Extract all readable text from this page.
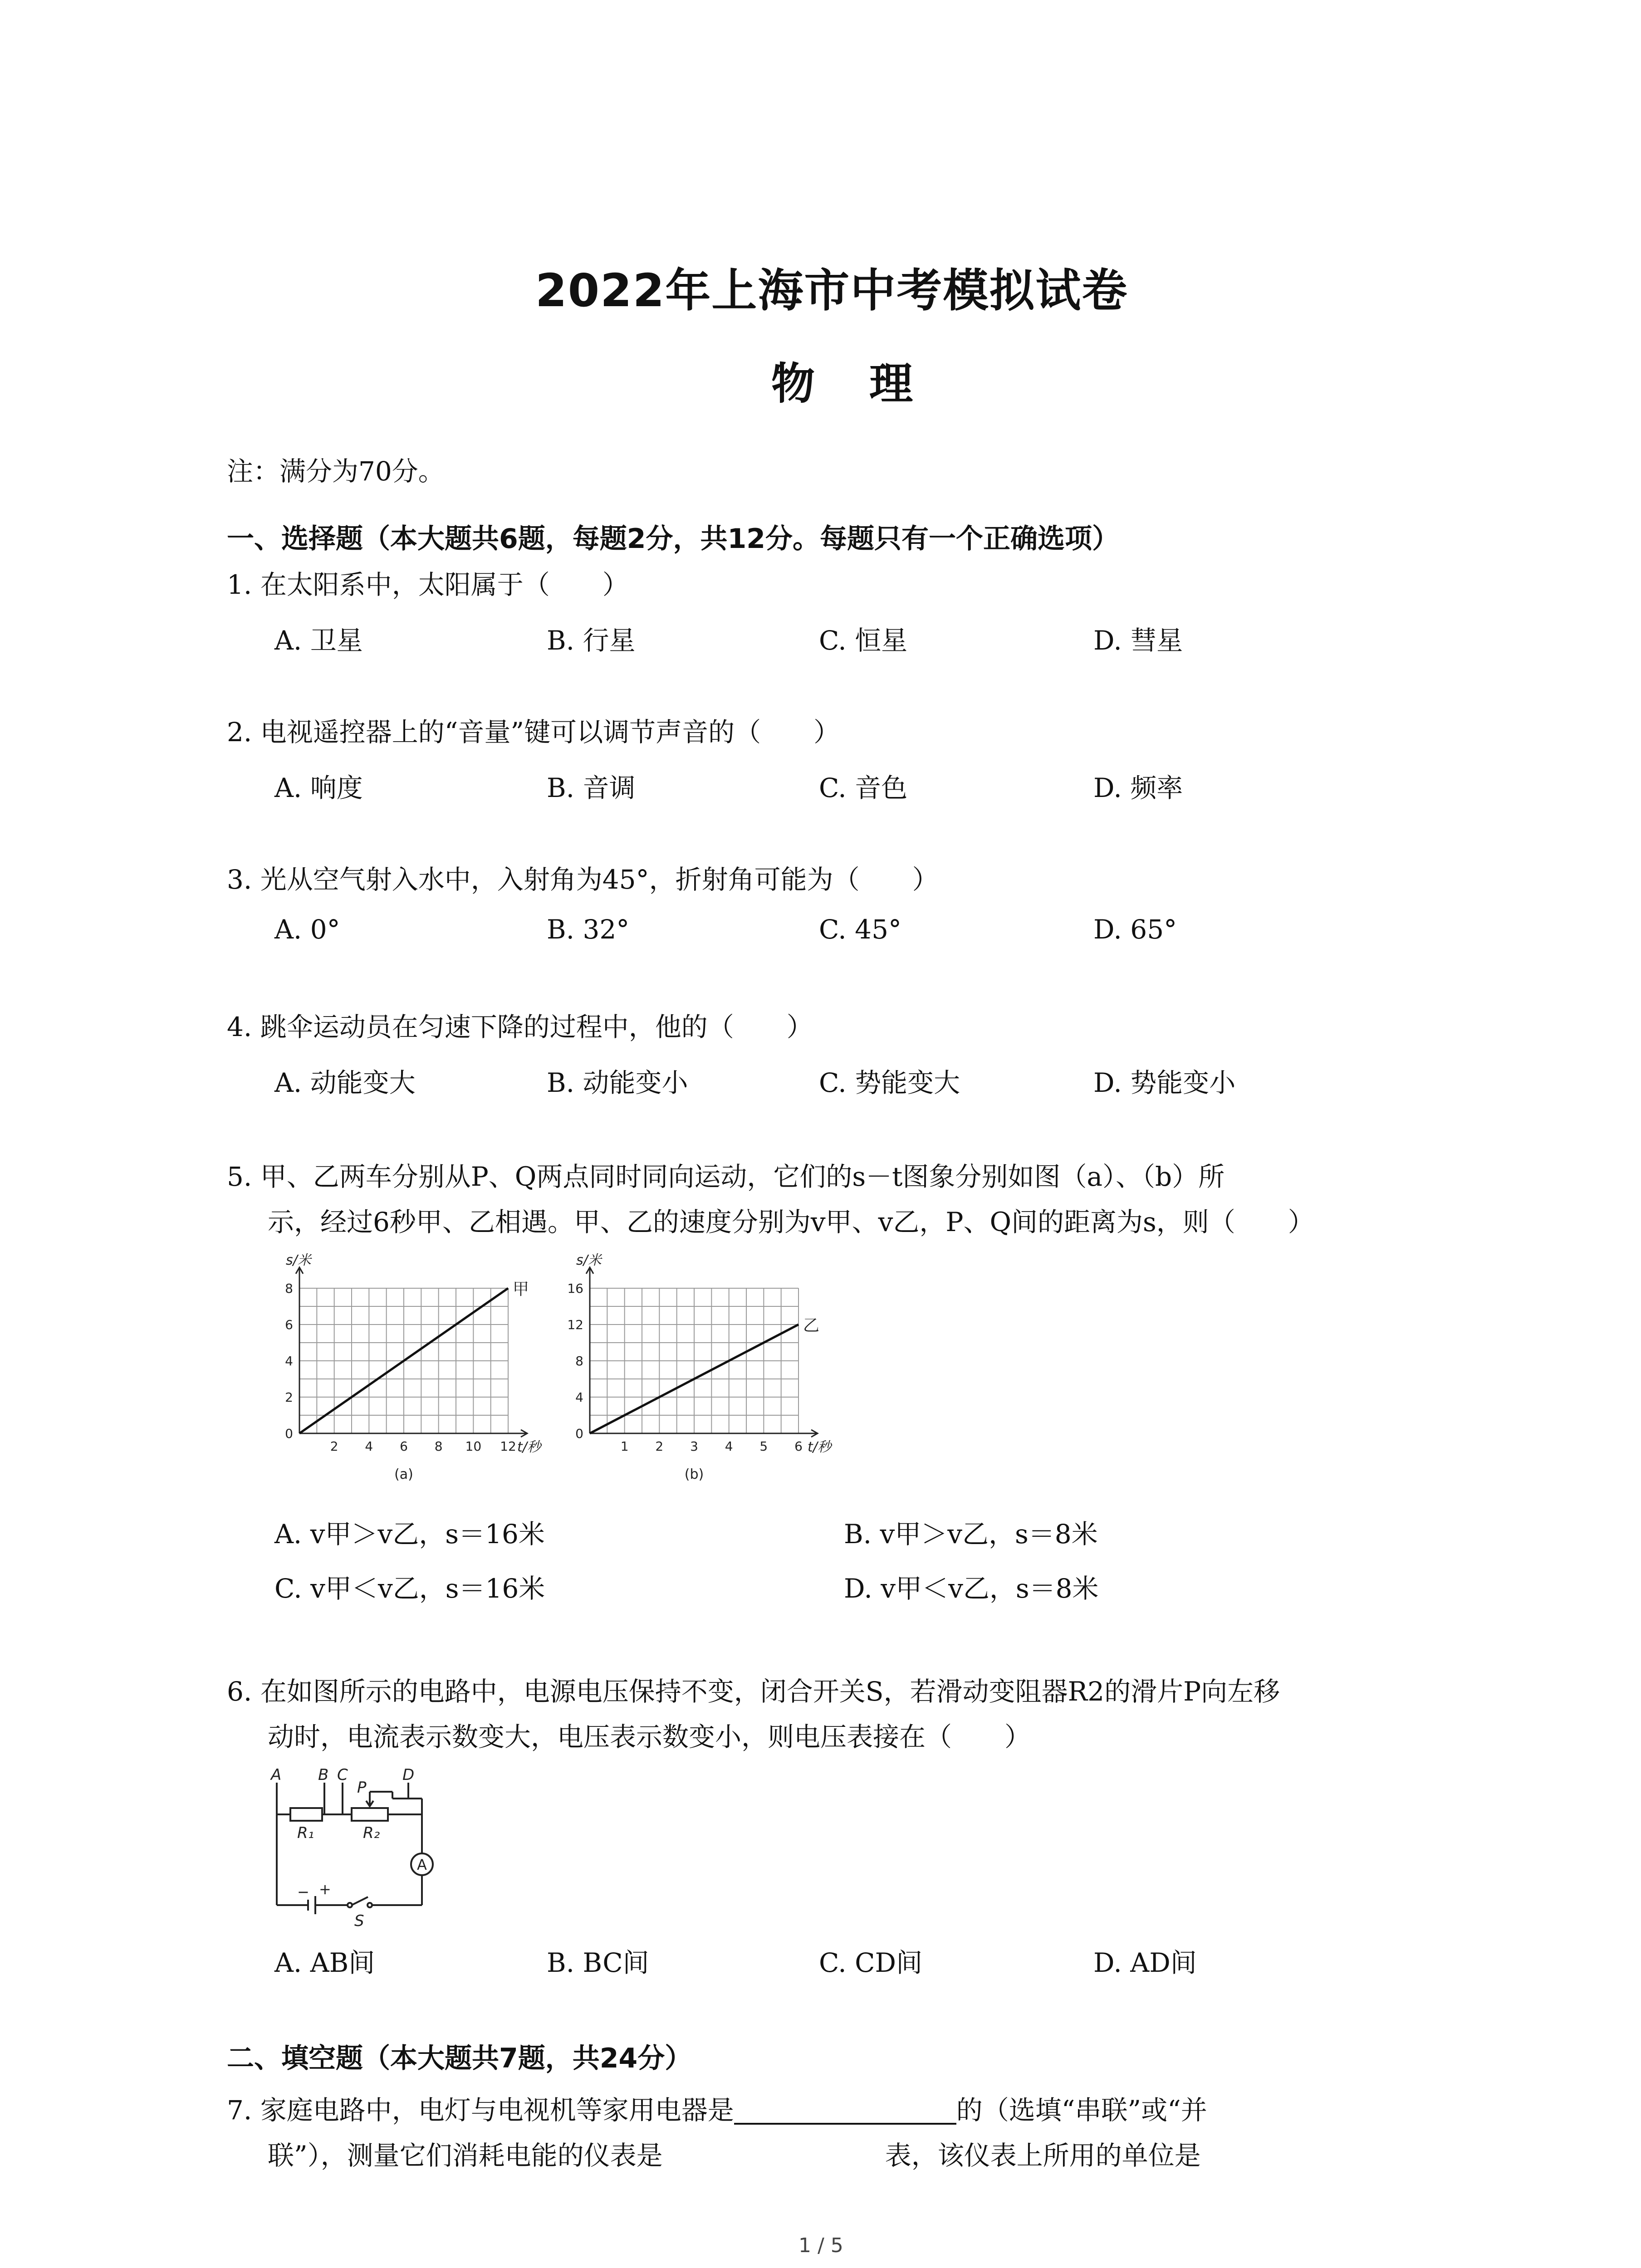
2022年上海市中考模拟试卷
物理
注：满分为70分。
一、选择题（本大题共6题，每题2分，共12分。每题只有一个正确选项）
1. 在太阳系中，太阳属于（　　）
A. 卫星	B. 行星	C. 恒星	D. 彗星
2. 电视遥控器上的“音量”键可以调节声音的（　　）
A. 响度	B. 音调	C. 音色	D. 频率
3. 光从空气射入水中，入射角为45°，折射角可能为（　　）
A. 0°	B. 32°	C. 45°	D. 65°
4. 跳伞运动员在匀速下降的过程中，他的（　　）
A. 动能变大	B. 动能变小	C. 势能变大	D. 势能变小
5. 甲、乙两车分别从P、Q两点同时同向运动，它们的s－t图象分别如图（a）、（b）所
示，经过6秒甲、乙相遇。甲、乙的速度分别为v甲、v乙，P、Q间的距离为s，则（　　）
2 4 6 8 10 12
2
4
6
8
0
s/米
t/秒
甲
(a)
1 2 3 4 5 6
4
8
12
16
0
s/米
t/秒
乙
(b)
A. v甲＞v乙，s＝16米	B. v甲＞v乙，s＝8米
C. v甲＜v乙，s＝16米	D. v甲＜v乙，s＝8米
6. 在如图所示的电路中，电源电压保持不变，闭合开关S，若滑动变阻器R2的滑片P向左移
动时，电流表示数变大，电压表示数变小，则电压表接在（　　）
A B C	D
P
R₁	R₂
S
A
− +
A. AB间	B. BC间	C. CD间	D. AD间
二、填空题（本大题共7题，共24分）
7. 家庭电路中，电灯与电视机等家用电器是	的（选填“串联”或“并
联”），测量它们消耗电能的仪表是	表，该仪表上所用的单位是
1 / 5
